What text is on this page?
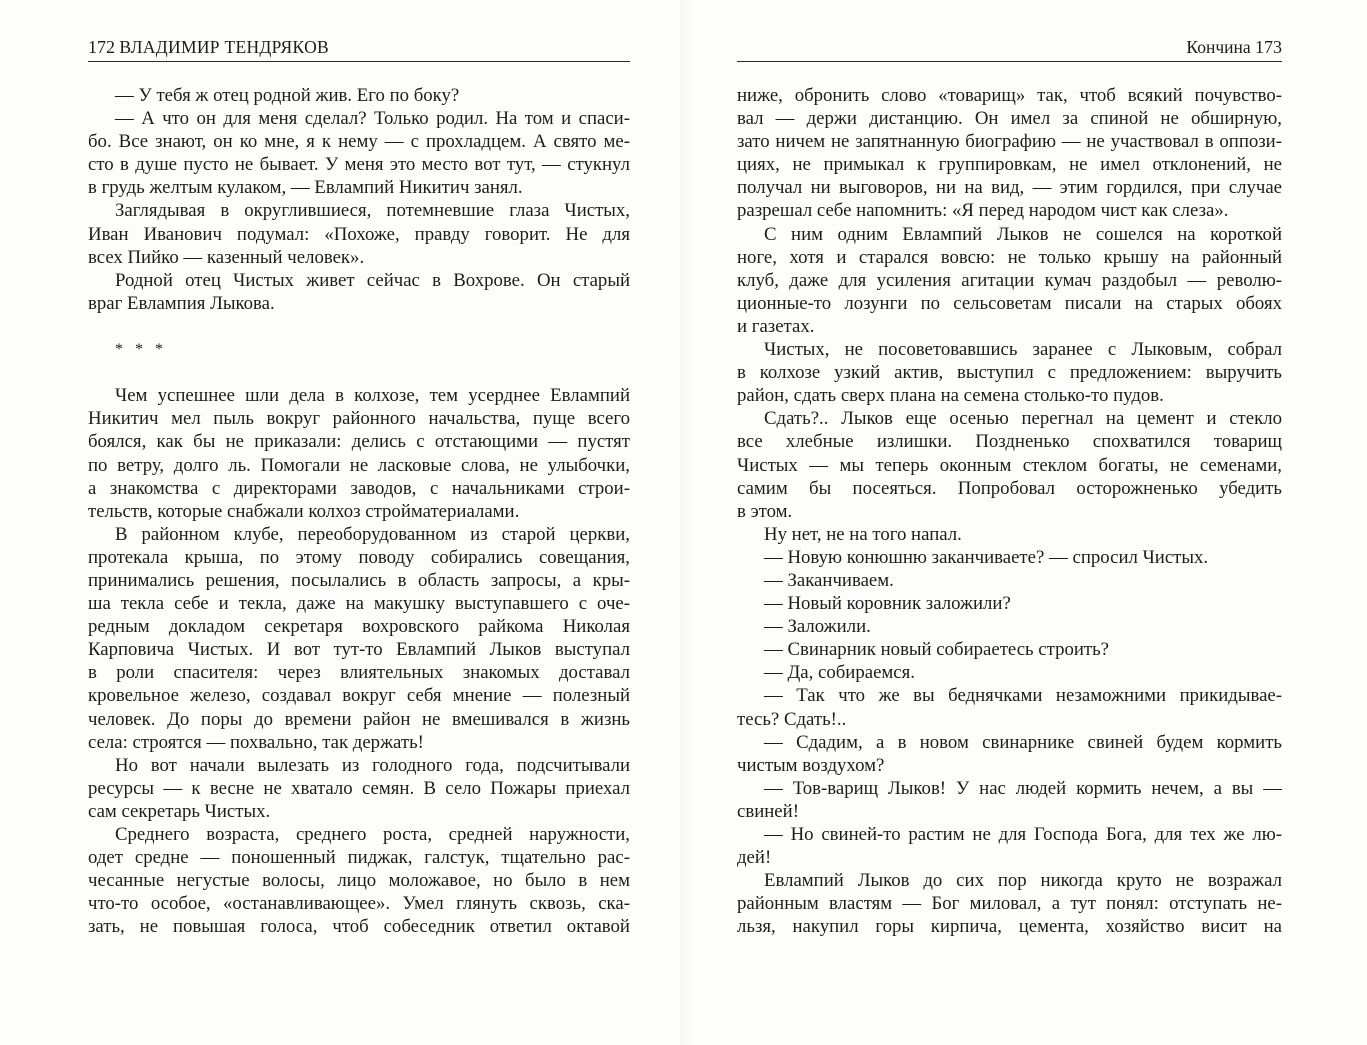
172 ВЛАДИМИР ТЕНДРЯКОВ
— У тебя ж отец родной жив. Его по боку?
— А что он для меня сделал? Только родил. На том и спаси-
бо. Все знают, он ко мне, я к нему — с прохладцем. А свято ме-
сто в душе пусто не бывает. У меня это место вот тут, — стукнул
в грудь желтым кулаком, — Евлампий Никитич занял.
Заглядывая в округлившиеся, потемневшие глаза Чистых,
Иван Иванович подумал: «Похоже, правду говорит. Не для
всех Пийко — казенный человек».
Родной отец Чистых живет сейчас в Вохрове. Он старый
враг Евлампия Лыкова.
* * *
Чем успешнее шли дела в колхозе, тем усерднее Евлампий
Никитич мел пыль вокруг районного начальства, пуще всего
боялся, как бы не приказали: делись с отстающими — пустят
по ветру, долго ль. Помогали не ласковые слова, не улыбочки,
а знакомства с директорами заводов, с начальниками строи-
тельств, которые снабжали колхоз стройматериалами.
В районном клубе, переоборудованном из старой церкви,
протекала крыша, по этому поводу собирались совещания,
принимались решения, посылались в область запросы, а кры-
ша текла себе и текла, даже на макушку выступавшего с оче-
редным докладом секретаря вохровского райкома Николая
Карповича Чистых. И вот тут-то Евлампий Лыков выступал
в роли спасителя: через влиятельных знакомых доставал
кровельное железо, создавал вокруг себя мнение — полезный
человек. До поры до времени район не вмешивался в жизнь
села: строятся — похвально, так держать!
Но вот начали вылезать из голодного года, подсчитывали
ресурсы — к весне не хватало семян. В село Пожары приехал
сам секретарь Чистых.
Среднего возраста, среднего роста, средней наружности,
одет средне — поношенный пиджак, галстук, тщательно рас-
чесанные негустые волосы, лицо моложавое, но было в нем
что-то особое, «останавливающее». Умел глянуть сквозь, ска-
зать, не повышая голоса, чтоб собеседник ответил октавой
Кончина 173
ниже, обронить слово «товарищ» так, чтоб всякий почувство-
вал — держи дистанцию. Он имел за спиной не обширную,
зато ничем не запятнанную биографию — не участвовал в оппози-
циях, не примыкал к группировкам, не имел отклонений, не
получал ни выговоров, ни на вид, — этим гордился, при случае
разрешал себе напомнить: «Я перед народом чист как слеза».
С ним одним Евлампий Лыков не сошелся на короткой
ноге, хотя и старался вовсю: не только крышу на районный
клуб, даже для усиления агитации кумач раздобыл — револю-
ционные-то лозунги по сельсоветам писали на старых обоях
и газетах.
Чистых, не посоветовавшись заранее с Лыковым, собрал
в колхозе узкий актив, выступил с предложением: выручить
район, сдать сверх плана на семена столько-то пудов.
Сдать?.. Лыков еще осенью перегнал на цемент и стекло
все хлебные излишки. Поздненько спохватился товарищ
Чистых — мы теперь оконным стеклом богаты, не семенами,
самим бы посеяться. Попробовал осторожненько убедить
в этом.
Ну нет, не на того напал.
— Новую конюшню заканчиваете? — спросил Чистых.
— Заканчиваем.
— Новый коровник заложили?
— Заложили.
— Свинарник новый собираетесь строить?
— Да, собираемся.
— Так что же вы беднячками незаможними прикидывае-
тесь? Сдать!..
— Сдадим, а в новом свинарнике свиней будем кормить
чистым воздухом?
— Тов-варищ Лыков! У нас людей кормить нечем, а вы —
свиней!
— Но свиней-то растим не для Господа Бога, для тех же лю-
дей!
Евлампий Лыков до сих пор никогда круто не возражал
районным властям — Бог миловал, а тут понял: отступать не-
льзя, накупил горы кирпича, цемента, хозяйство висит на
